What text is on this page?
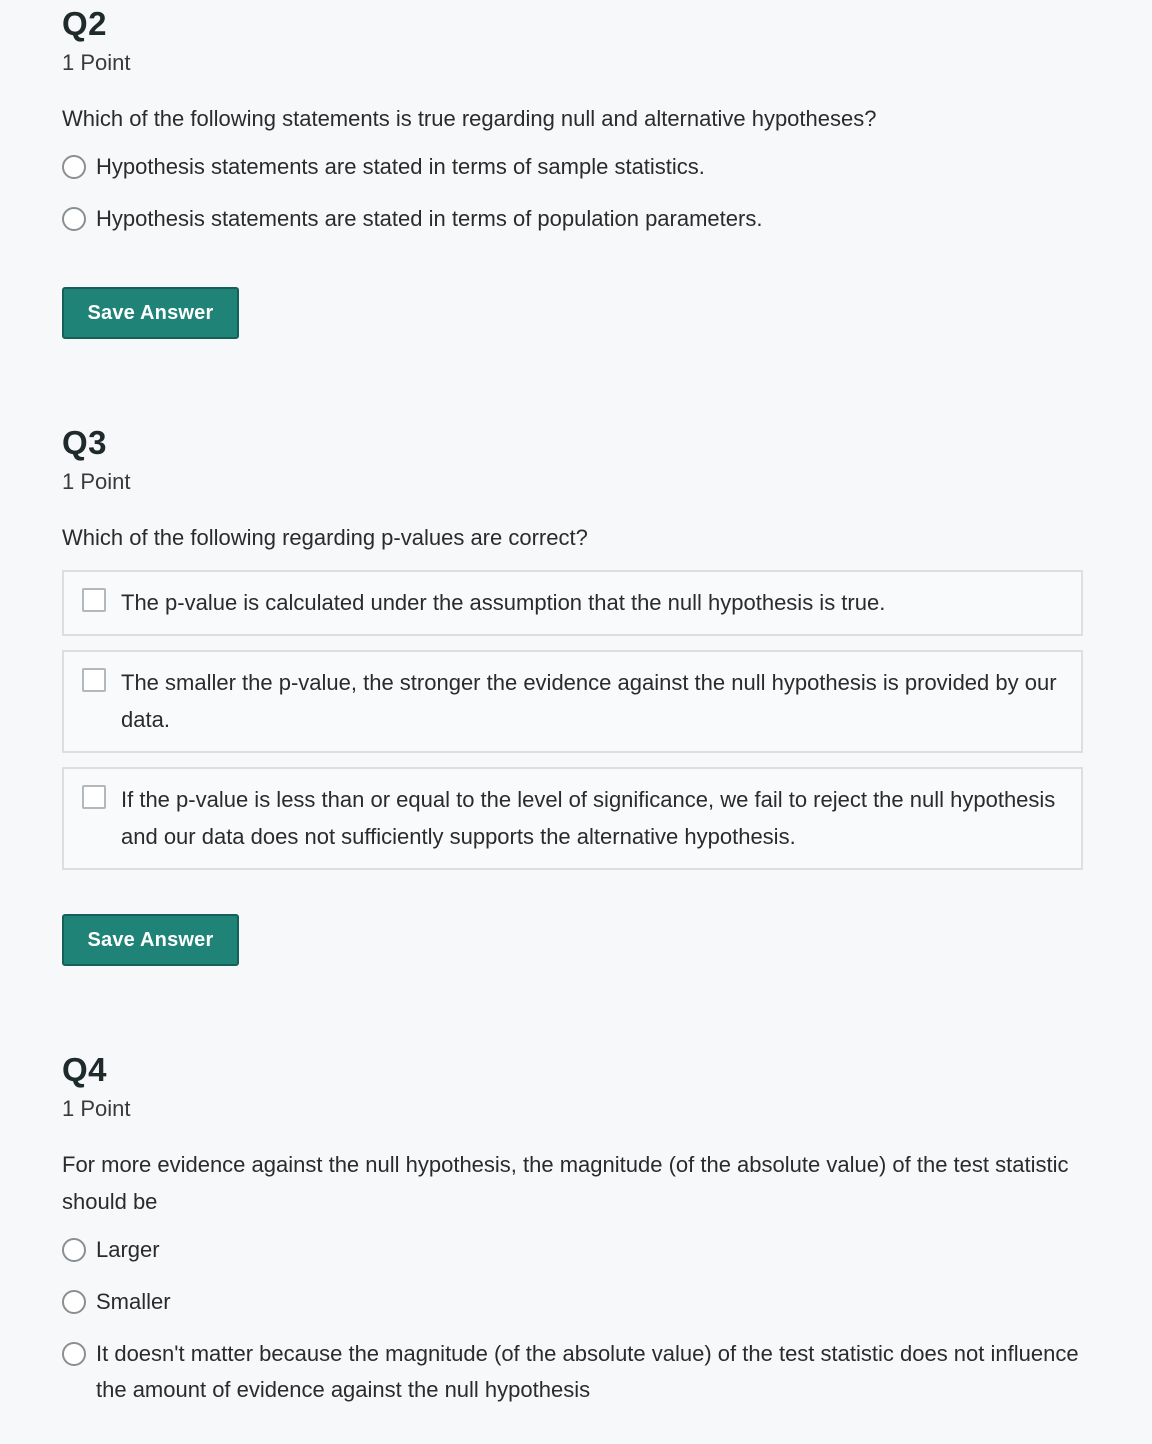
Q2
1 Point

Which of the following statements is true regarding null and alternative hypotheses?

Hypothesis statements are stated in terms of sample statistics.
Hypothesis statements are stated in terms of population parameters.
Save Answer
Q3
1 Point

Which of the following regarding p-values are correct?

The p-value is calculated under the assumption that the null hypothesis is true.
The smaller the p-value, the stronger the evidence against the null hypothesis is provided by our data.
If the p-value is less than or equal to the level of significance, we fail to reject the null hypothesis and our data does not sufficiently supports the alternative hypothesis.
Save Answer
Q4
1 Point

For more evidence against the null hypothesis, the magnitude (of the absolute value) of the test statistic should be

Larger
Smaller
It doesn't matter because the magnitude (of the absolute value) of the test statistic does not influence the amount of evidence against the null hypothesis
